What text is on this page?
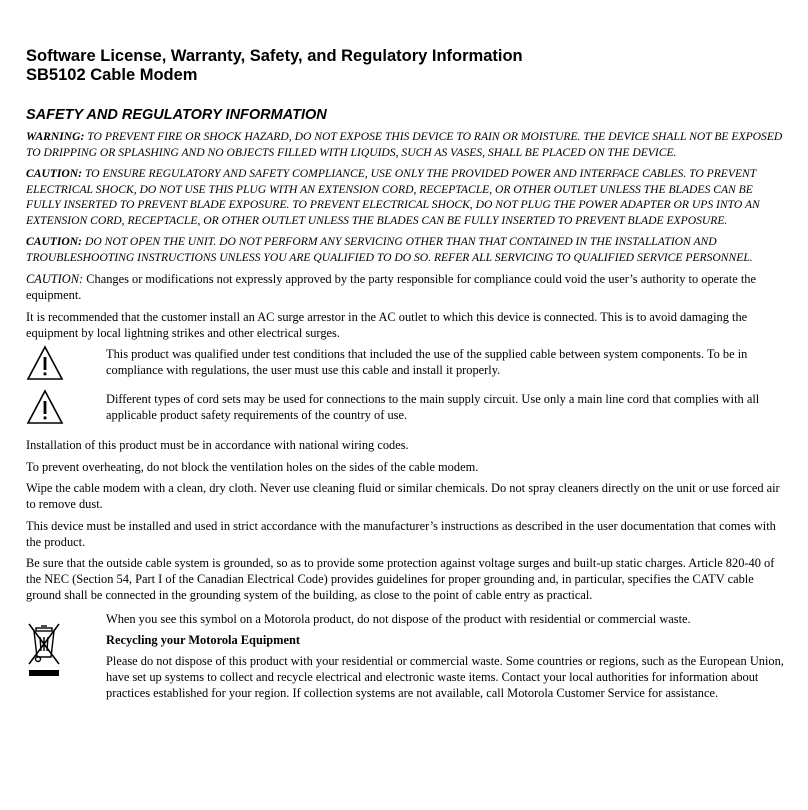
Software License, Warranty, Safety, and Regulatory Information
SB5102 Cable Modem
SAFETY AND REGULATORY INFORMATION

WARNING: TO PREVENT FIRE OR SHOCK HAZARD, DO NOT EXPOSE THIS DEVICE TO RAIN OR MOISTURE. THE DEVICE SHALL NOT BE EXPOSED TO DRIPPING OR SPLASHING AND NO OBJECTS FILLED WITH LIQUIDS, SUCH AS VASES, SHALL BE PLACED ON THE DEVICE.

CAUTION: TO ENSURE REGULATORY AND SAFETY COMPLIANCE, USE ONLY THE PROVIDED POWER AND INTERFACE CABLES. TO PREVENT ELECTRICAL SHOCK, DO NOT USE THIS PLUG WITH AN EXTENSION CORD, RECEPTACLE, OR OTHER OUTLET UNLESS THE BLADES CAN BE FULLY INSERTED TO PREVENT BLADE EXPOSURE. TO PREVENT ELECTRICAL SHOCK, DO NOT PLUG THE POWER ADAPTER OR UPS INTO AN EXTENSION CORD, RECEPTACLE, OR OTHER OUTLET UNLESS THE BLADES CAN BE FULLY INSERTED TO PREVENT BLADE EXPOSURE.

CAUTION: DO NOT OPEN THE UNIT. DO NOT PERFORM ANY SERVICING OTHER THAN THAT CONTAINED IN THE INSTALLATION AND TROUBLESHOOTING INSTRUCTIONS UNLESS YOU ARE QUALIFIED TO DO SO. REFER ALL SERVICING TO QUALIFIED SERVICE PERSONNEL.

CAUTION: Changes or modifications not expressly approved by the party responsible for compliance could void the user’s authority to operate the equipment.

It is recommended that the customer install an AC surge arrestor in the AC outlet to which this device is connected. This is to avoid damaging the equipment by local lightning strikes and other electrical surges.

This product was qualified under test conditions that included the use of the supplied cable between system components. To be in compliance with regulations, the user must use this cable and install it properly.

Different types of cord sets may be used for connections to the main supply circuit. Use only a main line cord that complies with all applicable product safety requirements of the country of use.

Installation of this product must be in accordance with national wiring codes.

To prevent overheating, do not block the ventilation holes on the sides of the cable modem.

Wipe the cable modem with a clean, dry cloth. Never use cleaning fluid or similar chemicals. Do not spray cleaners directly on the unit or use forced air to remove dust.

This device must be installed and used in strict accordance with the manufacturer’s instructions as described in the user documentation that comes with the product.

Be sure that the outside cable system is grounded, so as to provide some protection against voltage surges and built-up static charges. Article 820-40 of the NEC (Section 54, Part I of the Canadian Electrical Code) provides guidelines for proper grounding and, in particular, specifies the CATV cable ground shall be connected in the grounding system of the building, as close to the point of cable entry as practical.

When you see this symbol on a Motorola product, do not dispose of the product with residential or commercial waste.

Recycling your Motorola Equipment

Please do not dispose of this product with your residential or commercial waste. Some countries or regions, such as the European Union, have set up systems to collect and recycle electrical and electronic waste items. Contact your local authorities for information about practices established for your region. If collection systems are not available, call Motorola Customer Service for assistance.
